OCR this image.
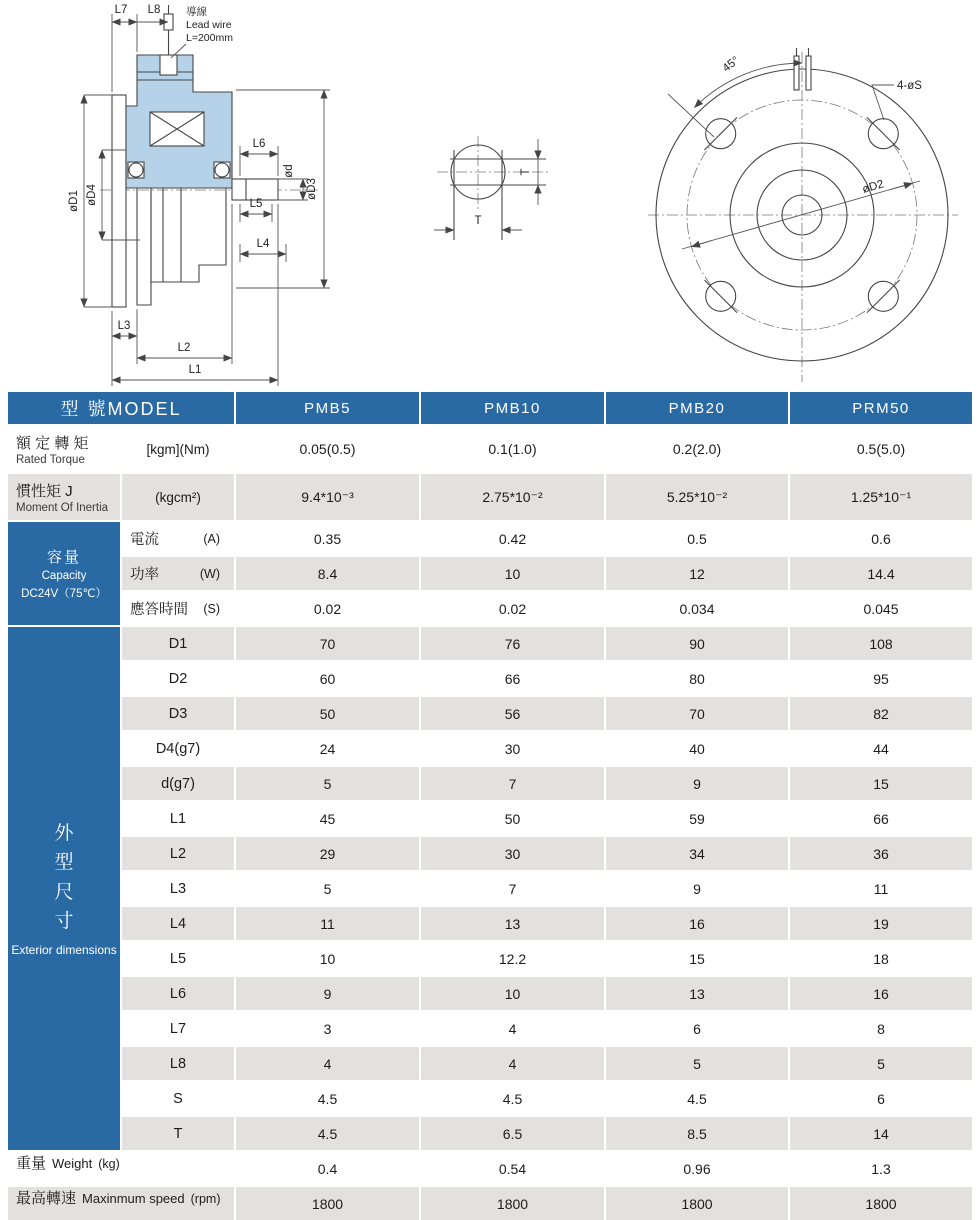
L7 L8 導線
Lead wire
L=200mm
øD1 øD4	øD3
ød
L6
L5
L4
L3
L2
L1
T
T
45°
4-øS
øD2
型 號MODEL	PMB5	PMB10	PMB20	PRM50
額 定 轉 矩
Rated Torque
[kgm](Nm)	0.05(0.5)	0.1(1.0)	0.2(2.0)	0.5(5.0)
慣性矩 J
Moment Of Inertia
(kgcm²)	9.4*10⁻³	2.75*10⁻²	5.25*10⁻²	1.25*10⁻¹
容量
Capacity
DC24V（75℃）
電流	(A)	0.35	0.42	0.5	0.6
功率	(W)	8.4	10	12	14.4
應答時間 (S)	0.02	0.02	0.034	0.045
外型尺寸
Exterior dimensions
D1	70	76	90	108
D2	60	66	80	95
D3	50	56	70	82
D4(g7)	24	30	40	44
d(g7)	5	7	9	15
L1	45	50	59	66
L2	29	30	34	36
L3	5	7	9	11
L4	11	13	16	19
L5	10	12.2	15	18
L6	9	10	13	16
L7	3	4	6	8
L8	4	4	5	5
S	4.5	4.5	4.5	6
T	4.5	6.5	8.5	14
重量 Weight (kg)	0.4	0.54	0.96	1.3
最高轉速 Maxinmum speed (rpm)	1800	1800	1800	1800
